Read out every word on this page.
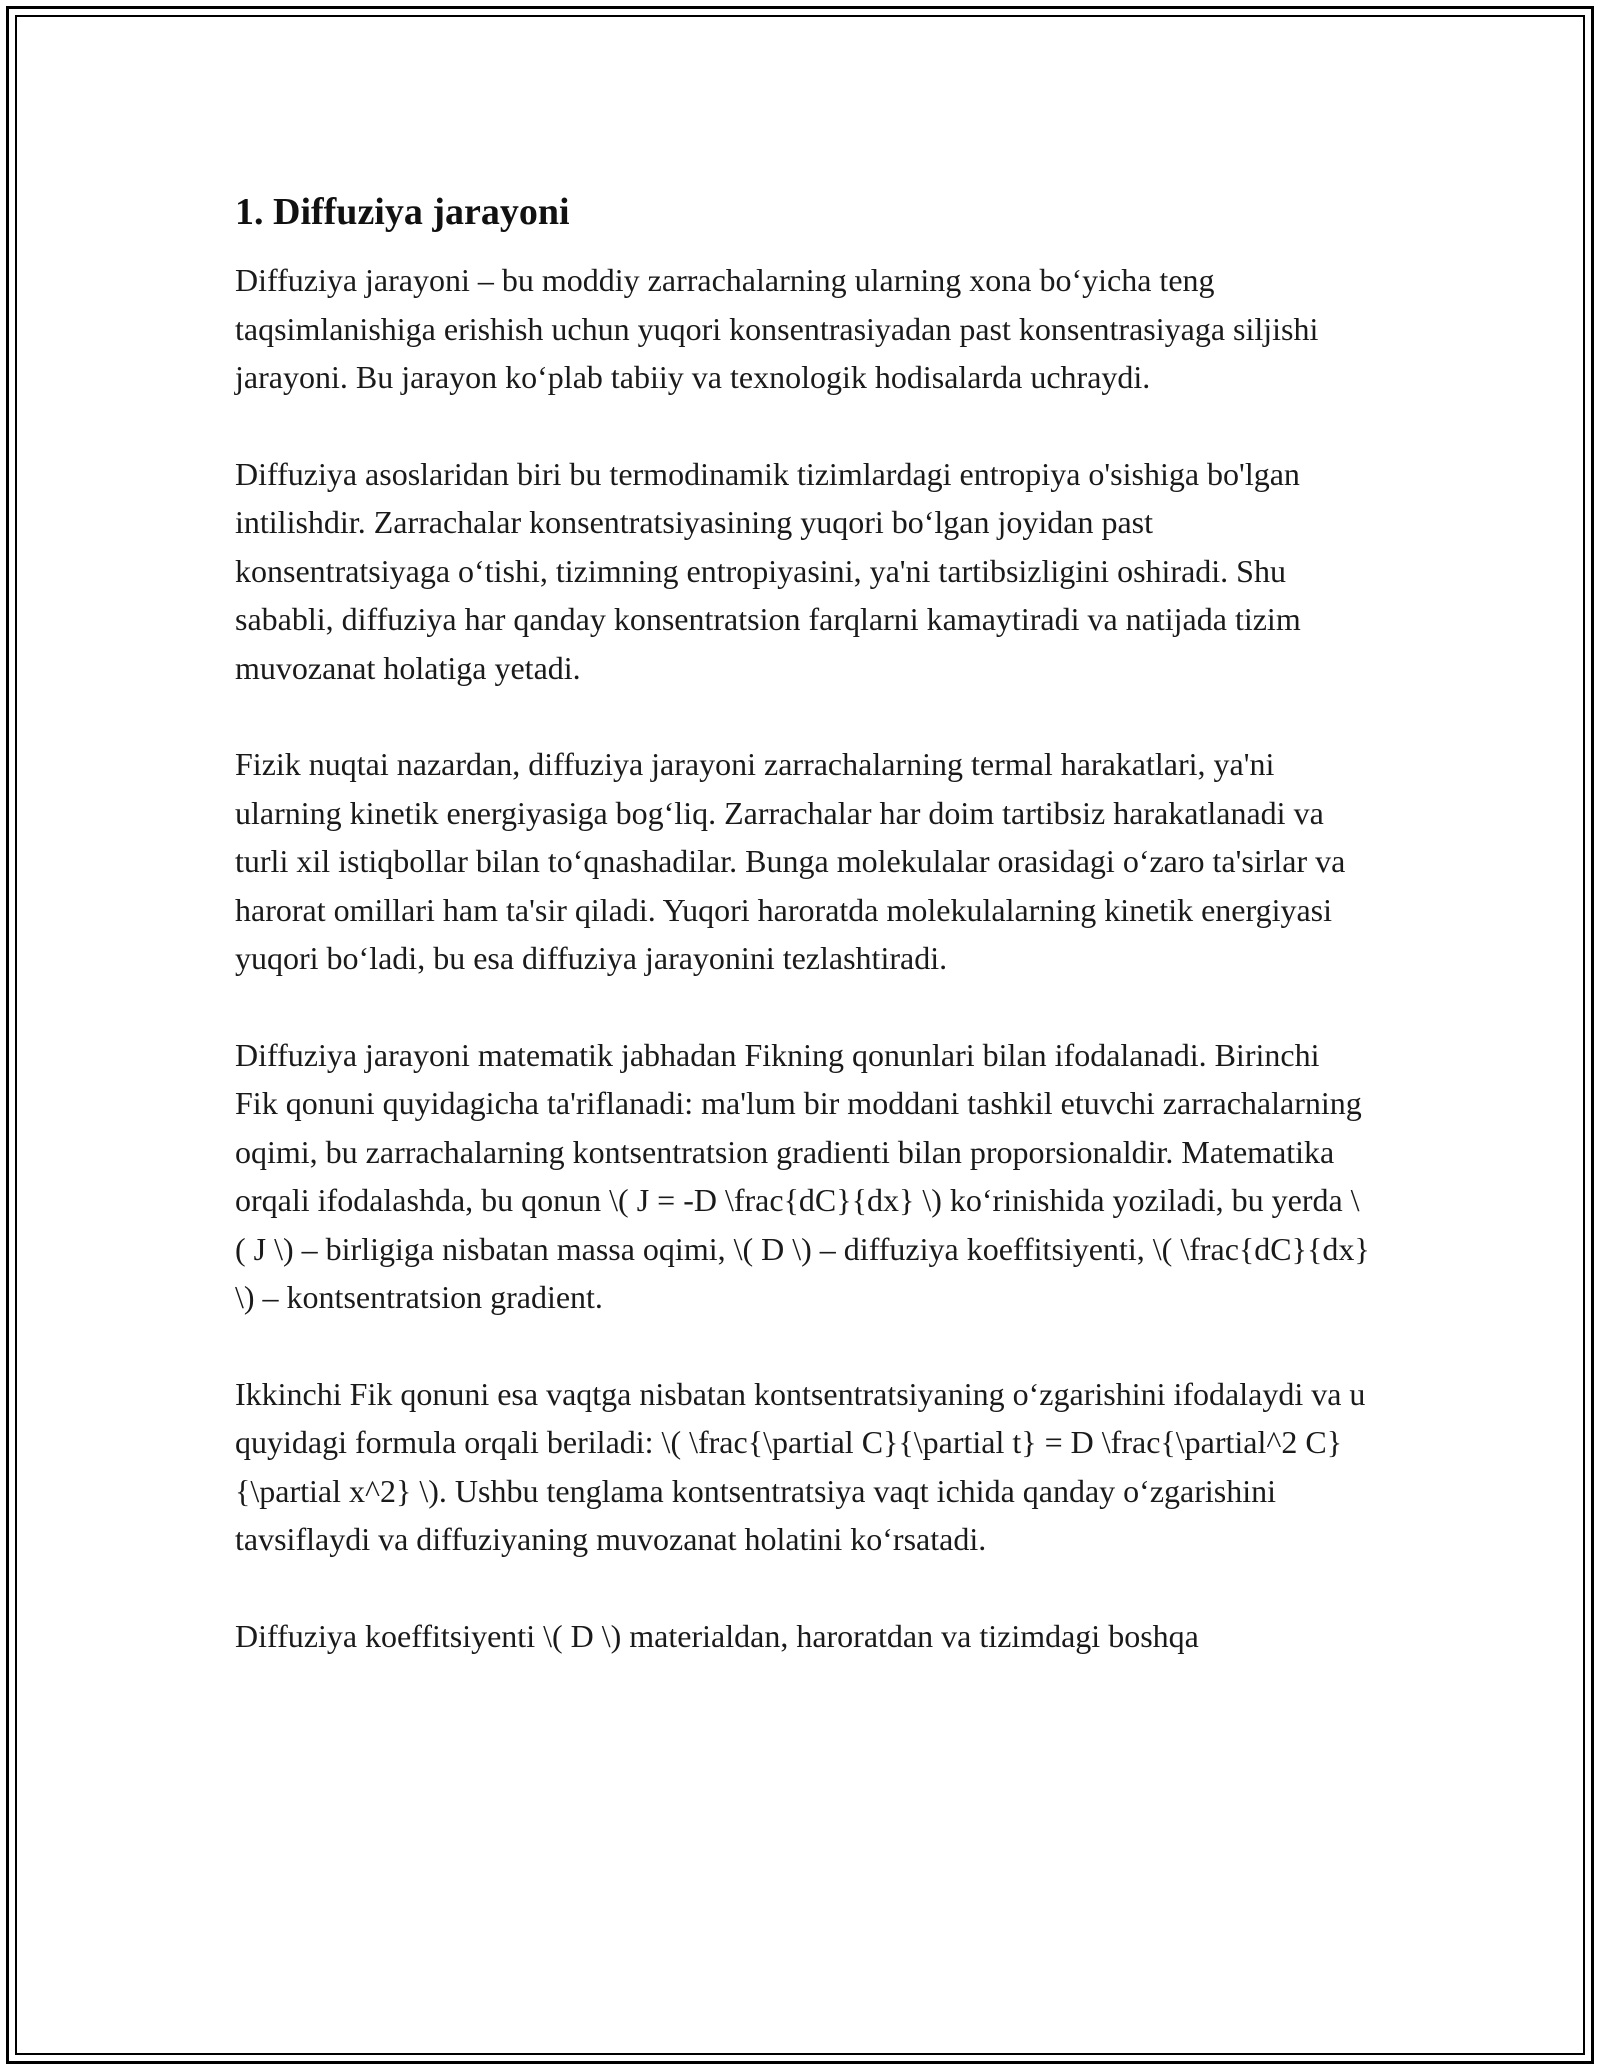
1. Diffuziya jarayoni

Diffuziya jarayoni – bu moddiy zarrachalarning ularning xona bo‘yicha teng taqsimlanishiga erishish uchun yuqori konsentrasiyadan past konsentrasiyaga siljishi jarayoni. Bu jarayon ko‘plab tabiiy va texnologik hodisalarda uchraydi.

Diffuziya asoslaridan biri bu termodinamik tizimlardagi entropiya o'sishiga bo'lgan intilishdir. Zarrachalar konsentratsiyasining yuqori bo‘lgan joyidan past konsentratsiyaga o‘tishi, tizimning entropiyasini, ya'ni tartibsizligini oshiradi. Shu sababli, diffuziya har qanday konsentratsion farqlarni kamaytiradi va natijada tizim muvozanat holatiga yetadi.

Fizik nuqtai nazardan, diffuziya jarayoni zarrachalarning termal harakatlari, ya'ni ularning kinetik energiyasiga bog‘liq. Zarrachalar har doim tartibsiz harakatlanadi va turli xil istiqbollar bilan to‘qnashadilar. Bunga molekulalar orasidagi o‘zaro ta'sirlar va harorat omillari ham ta'sir qiladi. Yuqori haroratda molekulalarning kinetik energiyasi yuqori bo‘ladi, bu esa diffuziya jarayonini tezlashtiradi.

Diffuziya jarayoni matematik jabhadan Fikning qonunlari bilan ifodalanadi. Birinchi Fik qonuni quyidagicha ta'riflanadi: ma'lum bir moddani tashkil etuvchi zarrachalarning oqimi, bu zarrachalarning kontsentratsion gradienti bilan proporsionaldir. Matematika orqali ifodalashda, bu qonun \( J = -D \frac{dC}{dx} \) ko‘rinishida yoziladi, bu yerda \( J \) – birligiga nisbatan massa oqimi, \( D \) – diffuziya koeffitsiyenti, \( \frac{dC}{dx} \) – kontsentratsion gradient.

Ikkinchi Fik qonuni esa vaqtga nisbatan kontsentratsiyaning o‘zgarishini ifodalaydi va u quyidagi formula orqali beriladi: \( \frac{\partial C}{\partial t} = D \frac{\partial^2 C}{\partial x^2} \). Ushbu tenglama kontsentratsiya vaqt ichida qanday o‘zgarishini tavsiflaydi va diffuziyaning muvozanat holatini ko‘rsatadi.

Diffuziya koeffitsiyenti \( D \) materialdan, haroratdan va tizimdagi boshqa
